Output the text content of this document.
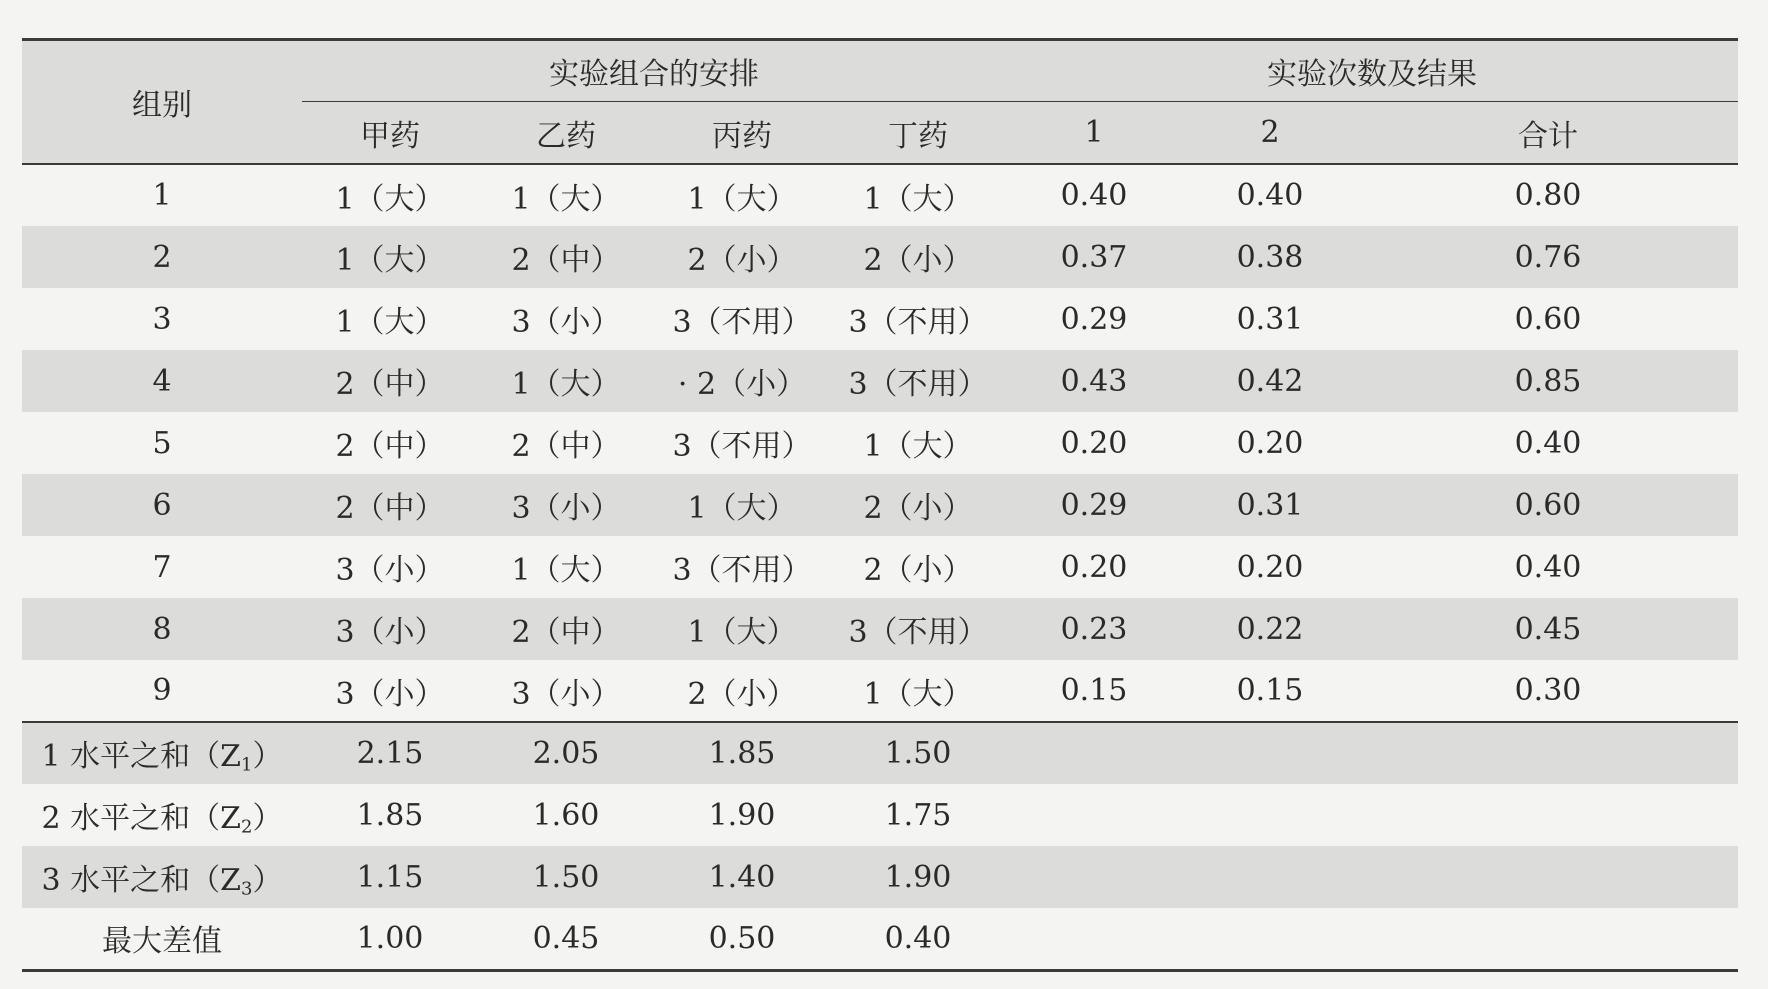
组别	实验组合的安排				实验次数及结果		
	甲药	乙药	丙药	丁药	1	2	合计
1	1（大）	1（大）	1（大）	1（大）	0.40	0.40	0.80
2	1（大）	2（中）	2（小）	2（小）	0.37	0.38	0.76
3	1（大）	3（小）	3（不用）	3（不用）	0.29	0.31	0.60
4	2（中）	1（大）	· 2（小）	3（不用）	0.43	0.42	0.85
5	2（中）	2（中）	3（不用）	1（大）	0.20	0.20	0.40
6	2（中）	3（小）	1（大）	2（小）	0.29	0.31	0.60
7	3（小）	1（大）	3（不用）	2（小）	0.20	0.20	0.40
8	3（小）	2（中）	1（大）	3（不用）	0.23	0.22	0.45
9	3（小）	3（小）	2（小）	1（大）	0.15	0.15	0.30
1 水平之和$(Z_1)$	2.15	2.05	1.85	1.50			
2 水平之和$(Z_2)$	1.85	1.60	1.90	1.75			
3 水平之和$(Z_3)$	1.15	1.50	1.40	1.90			
最大差值	1.00	0.45	0.50	0.40			
